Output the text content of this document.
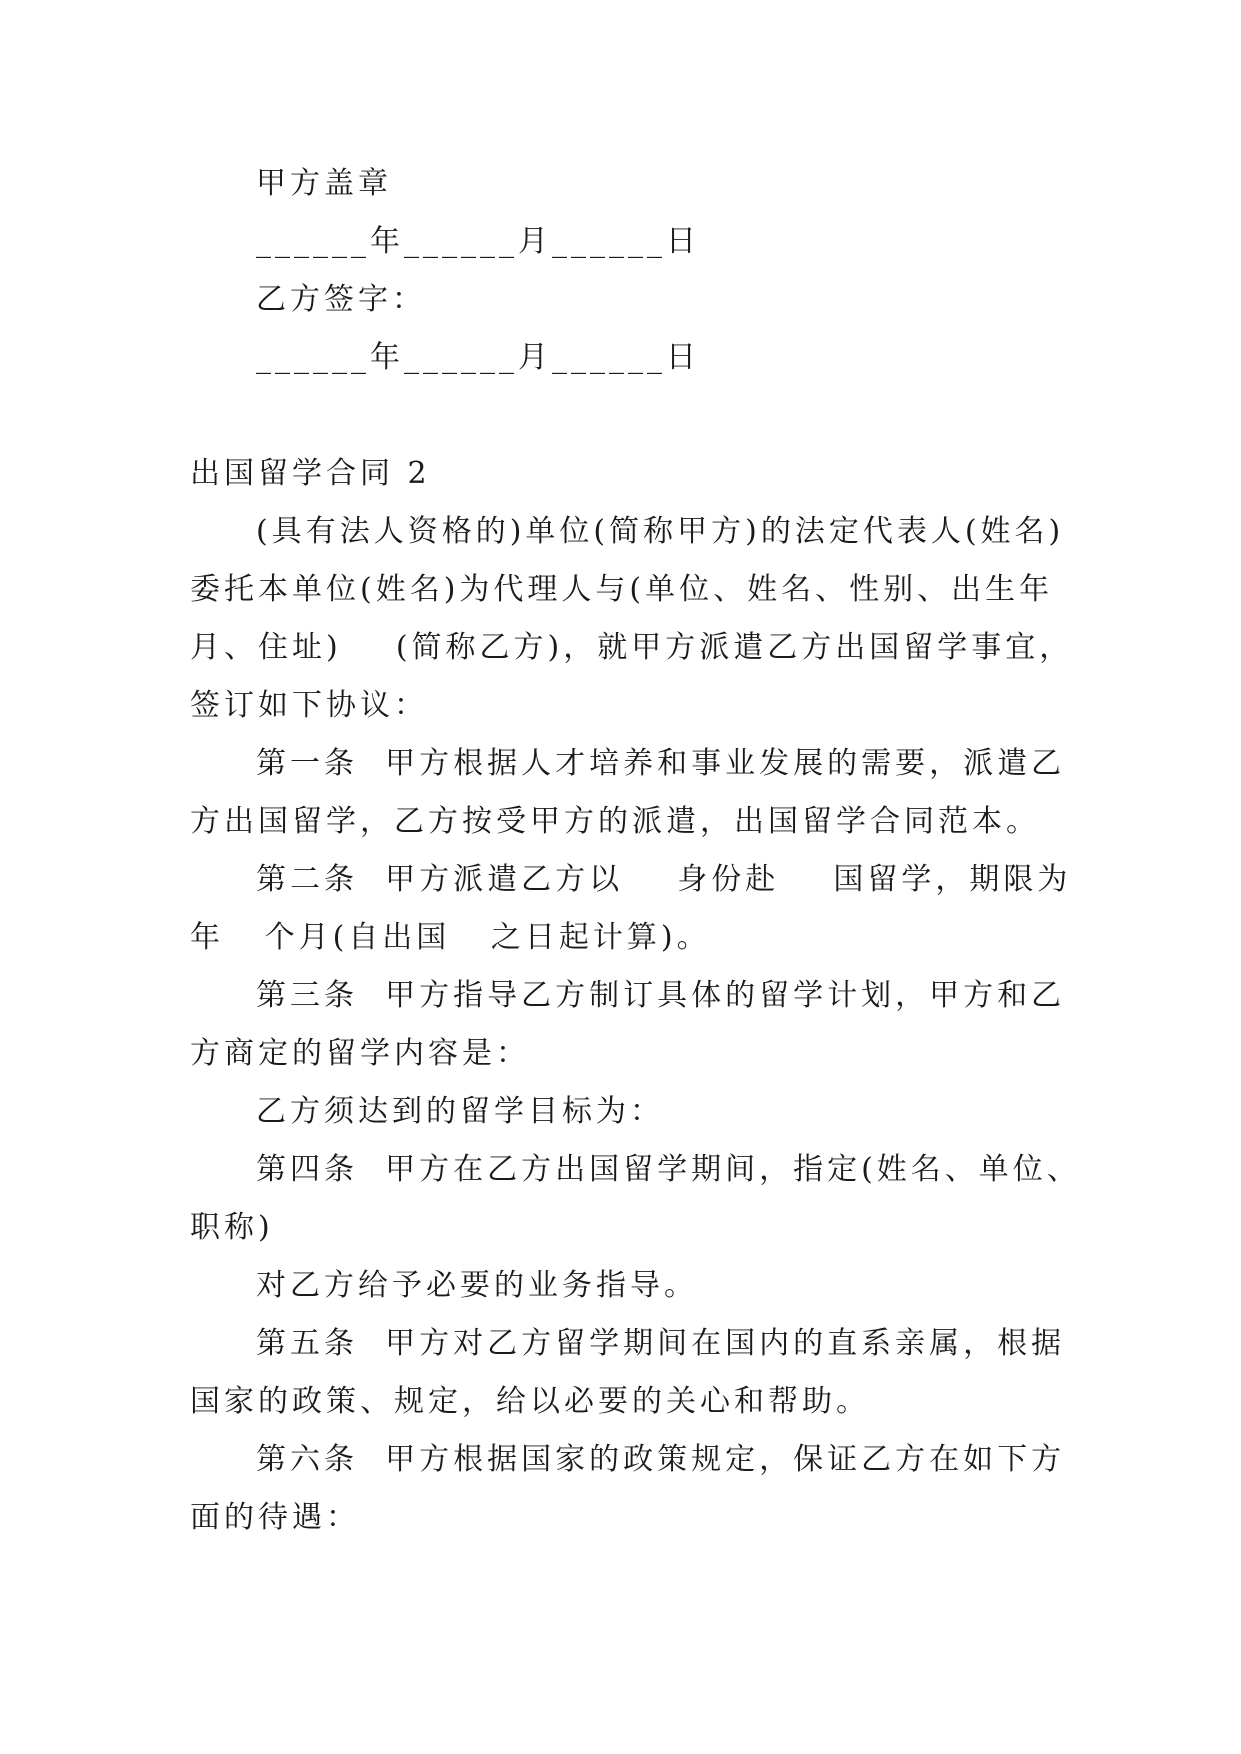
甲方盖章
______年______月______日
乙方签字：
______年______月______日
出国留学合同 2
(具有法人资格的)单位(简称甲方)的法定代表人(姓名)
委托本单位(姓名)为代理人与(单位、姓名、性别、出生年
月、住址)    (简称乙方)，就甲方派遣乙方出国留学事宜，
签订如下协议：
第一条  甲方根据人才培养和事业发展的需要，派遣乙
方出国留学，乙方按受甲方的派遣，出国留学合同范本。
第二条  甲方派遣乙方以    身份赴    国留学，期限为
年   个月(自出国   之日起计算)。
第三条  甲方指导乙方制订具体的留学计划，甲方和乙
方商定的留学内容是：
乙方须达到的留学目标为：
第四条  甲方在乙方出国留学期间，指定(姓名、单位、
职称)
对乙方给予必要的业务指导。
第五条  甲方对乙方留学期间在国内的直系亲属，根据
国家的政策、规定，给以必要的关心和帮助。
第六条  甲方根据国家的政策规定，保证乙方在如下方
面的待遇：
